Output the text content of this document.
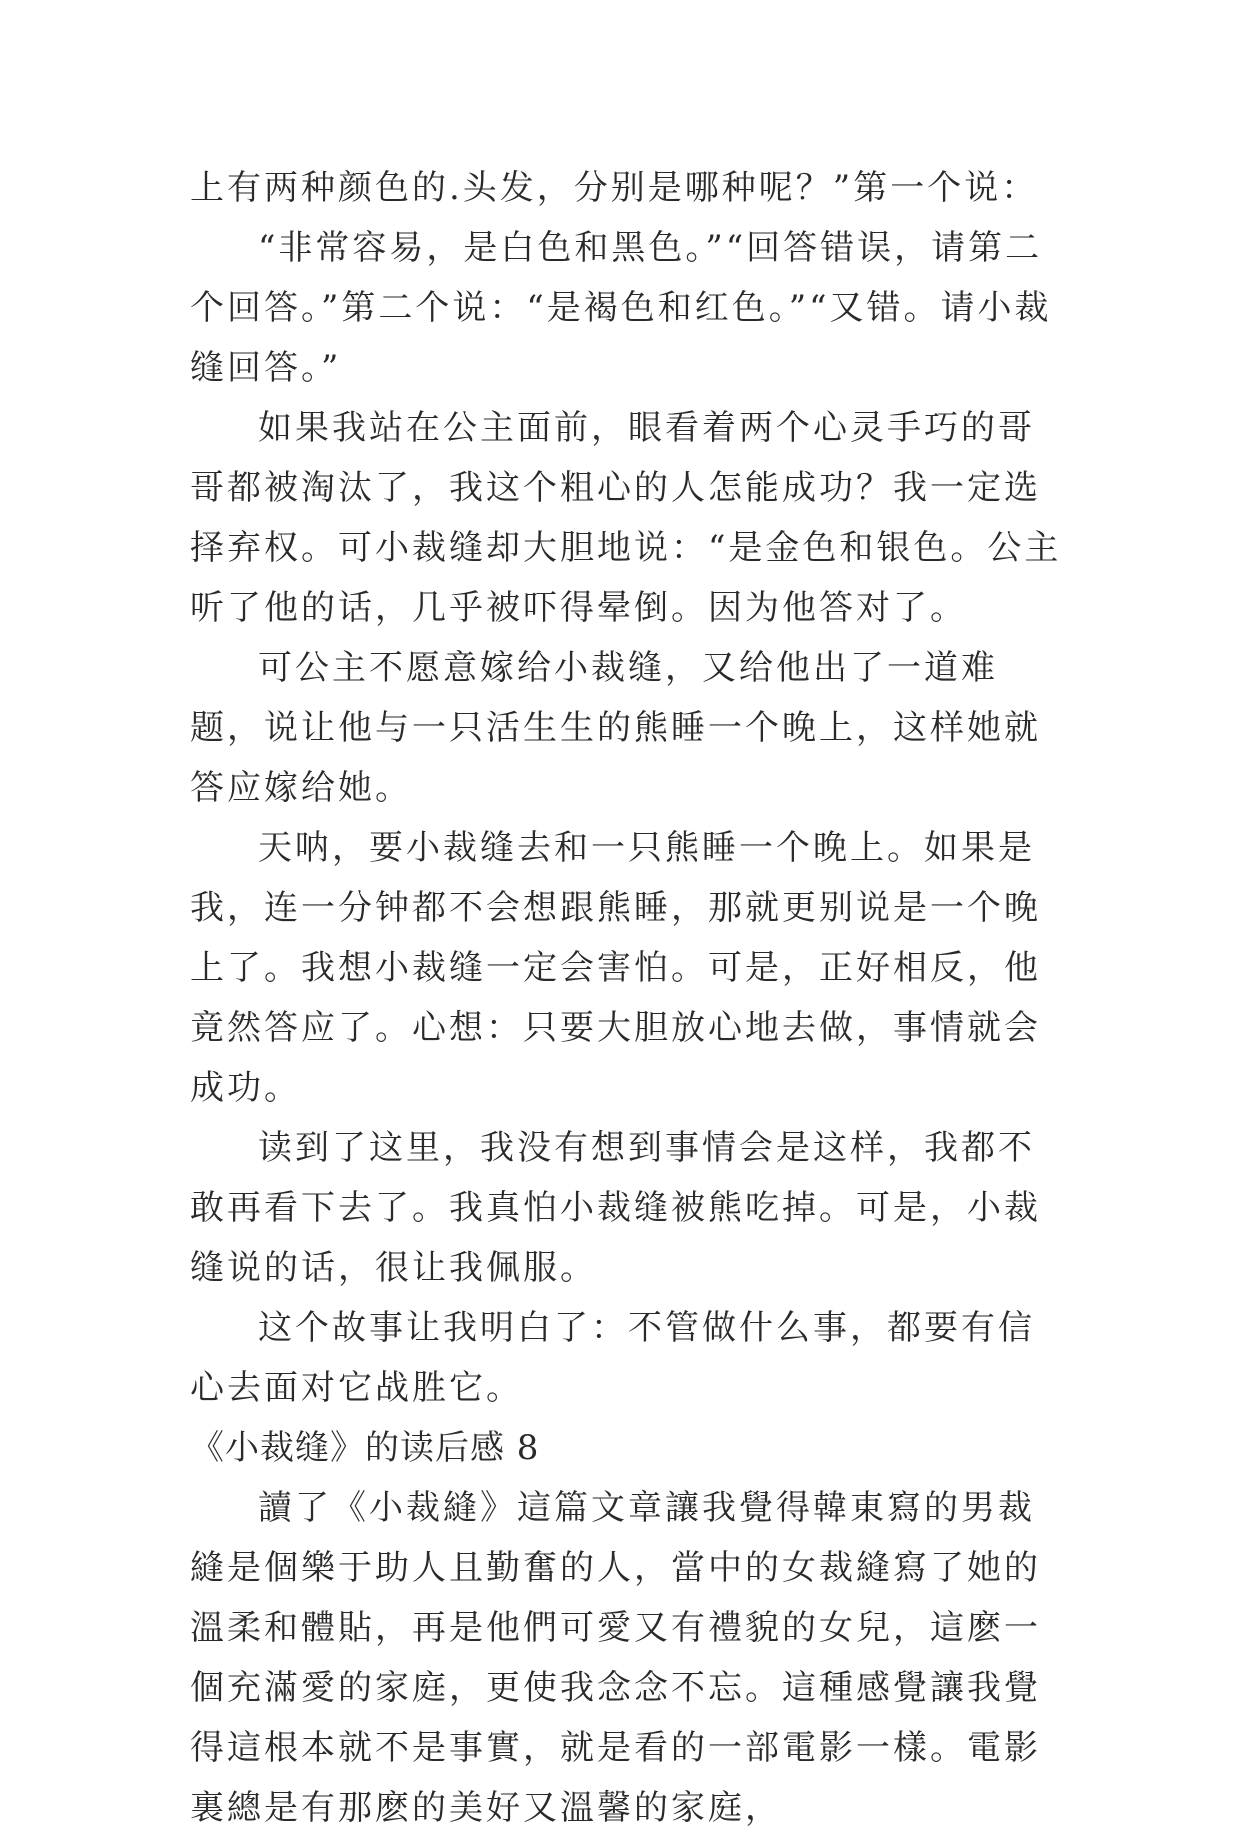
上有两种颜色的.头发，分别是哪种呢？”第一个说：

“非常容易，是白色和黑色。”“回答错误，请第二个回答。”第二个说：“是褐色和红色。”“又错。请小裁缝回答。”

如果我站在公主面前，眼看着两个心灵手巧的哥哥都被淘汰了，我这个粗心的人怎能成功？我一定选择弃权。可小裁缝却大胆地说：“是金色和银色。公主听了他的话，几乎被吓得晕倒。因为他答对了。

可公主不愿意嫁给小裁缝，又给他出了一道难题，说让他与一只活生生的熊睡一个晚上，这样她就答应嫁给她。

天呐，要小裁缝去和一只熊睡一个晚上。如果是我，连一分钟都不会想跟熊睡，那就更别说是一个晚上了。我想小裁缝一定会害怕。可是，正好相反，他竟然答应了。心想：只要大胆放心地去做，事情就会成功。

读到了这里，我没有想到事情会是这样，我都不敢再看下去了。我真怕小裁缝被熊吃掉。可是，小裁缝说的话，很让我佩服。

这个故事让我明白了：不管做什么事，都要有信心去面对它战胜它。

《小裁缝》的读后感 8

讀了《小裁縫》這篇文章讓我覺得韓東寫的男裁縫是個樂于助人且勤奮的人，當中的女裁縫寫了她的溫柔和體貼，再是他們可愛又有禮貌的女兒，這麽一個充滿愛的家庭，更使我念念不忘。這種感覺讓我覺得這根本就不是事實，就是看的一部電影一樣。電影裏總是有那麽的美好又溫馨的家庭，
